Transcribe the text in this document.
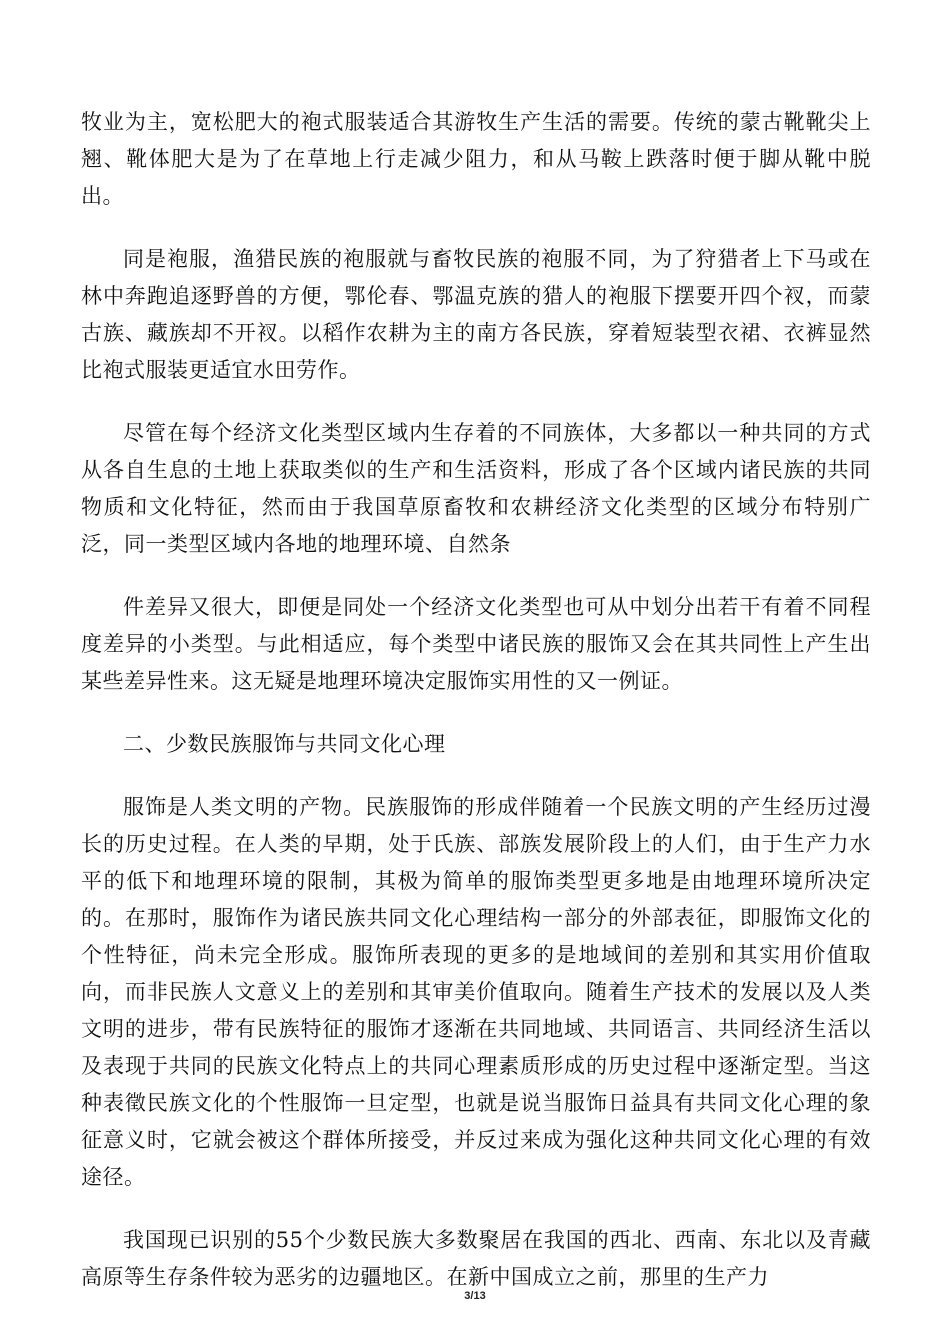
牧业为主，宽松肥大的袍式服装适合其游牧生产生活的需要。传统的蒙古靴靴尖上翘、靴体肥大是为了在草地上行走减少阻力，和从马鞍上跌落时便于脚从靴中脱出。

同是袍服，渔猎民族的袍服就与畜牧民族的袍服不同，为了狩猎者上下马或在林中奔跑追逐野兽的方便，鄂伦春、鄂温克族的猎人的袍服下摆要开四个衩，而蒙古族、藏族却不开衩。以稻作农耕为主的南方各民族，穿着短装型衣裙、衣裤显然比袍式服装更适宜水田劳作。

尽管在每个经济文化类型区域内生存着的不同族体，大多都以一种共同的方式从各自生息的土地上获取类似的生产和生活资料，形成了各个区域内诸民族的共同物质和文化特征，然而由于我国草原畜牧和农耕经济文化类型的区域分布特别广泛，同一类型区域内各地的地理环境、自然条

件差异又很大，即便是同处一个经济文化类型也可从中划分出若干有着不同程度差异的小类型。与此相适应，每个类型中诸民族的服饰又会在其共同性上产生出某些差异性来。这无疑是地理环境决定服饰实用性的又一例证。

二、少数民族服饰与共同文化心理

服饰是人类文明的产物。民族服饰的形成伴随着一个民族文明的产生经历过漫长的历史过程。在人类的早期，处于氏族、部族发展阶段上的人们，由于生产力水平的低下和地理环境的限制，其极为简单的服饰类型更多地是由地理环境所决定的。在那时，服饰作为诸民族共同文化心理结构一部分的外部表征，即服饰文化的个性特征，尚未完全形成。服饰所表现的更多的是地域间的差别和其实用价值取向，而非民族人文意义上的差别和其审美价值取向。随着生产技术的发展以及人类文明的进步，带有民族特征的服饰才逐渐在共同地域、共同语言、共同经济生活以及表现于共同的民族文化特点上的共同心理素质形成的历史过程中逐渐定型。当这种表徵民族文化的个性服饰一旦定型，也就是说当服饰日益具有共同文化心理的象征意义时，它就会被这个群体所接受，并反过来成为强化这种共同文化心理的有效途径。

我国现已识别的55个少数民族大多数聚居在我国的西北、西南、东北以及青藏高原等生存条件较为恶劣的边疆地区。在新中国成立之前，那里的生产力

3/13
